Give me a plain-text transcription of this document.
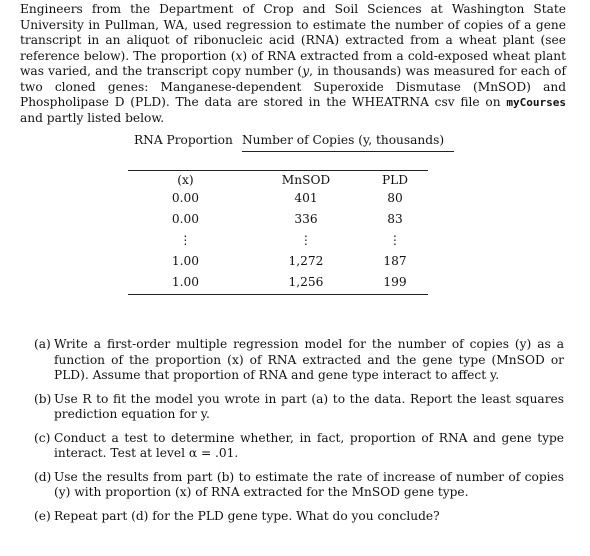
Engineers from the Department of Crop and Soil Sciences at Washington State University in Pullman, WA, used regression to estimate the number of copies of a gene transcript in an aliquot of ribonucleic acid (RNA) extracted from a wheat plant (see reference below). The proportion (x) of RNA extracted from a cold-exposed wheat plant was varied, and the transcript copy number (y, in thousands) was measured for each of two cloned genes: Manganese-dependent Superoxide Dismutase (MnSOD) and Phospholipase D (PLD). The data are stored in the WHEATRNA csv file on myCourses and partly listed below.
RNA Proportion Number of Copies (y, thousands)
(x)	MnSOD	PLD
0.00	401	80
0.00	336	83
⋮	⋮	⋮
1.00	1,272	187
1.00	1,256	199
(a) Write a first-order multiple regression model for the number of copies (y) as a function of the proportion (x) of RNA extracted and the gene type (MnSOD or PLD). Assume that proportion of RNA and gene type interact to affect y.
(b) Use R to fit the model you wrote in part (a) to the data. Report the least squares prediction equation for y.
(c) Conduct a test to determine whether, in fact, proportion of RNA and gene type interact. Test at level α = .01.
(d) Use the results from part (b) to estimate the rate of increase of number of copies (y) with proportion (x) of RNA extracted for the MnSOD gene type.
(e) Repeat part (d) for the PLD gene type. What do you conclude?
